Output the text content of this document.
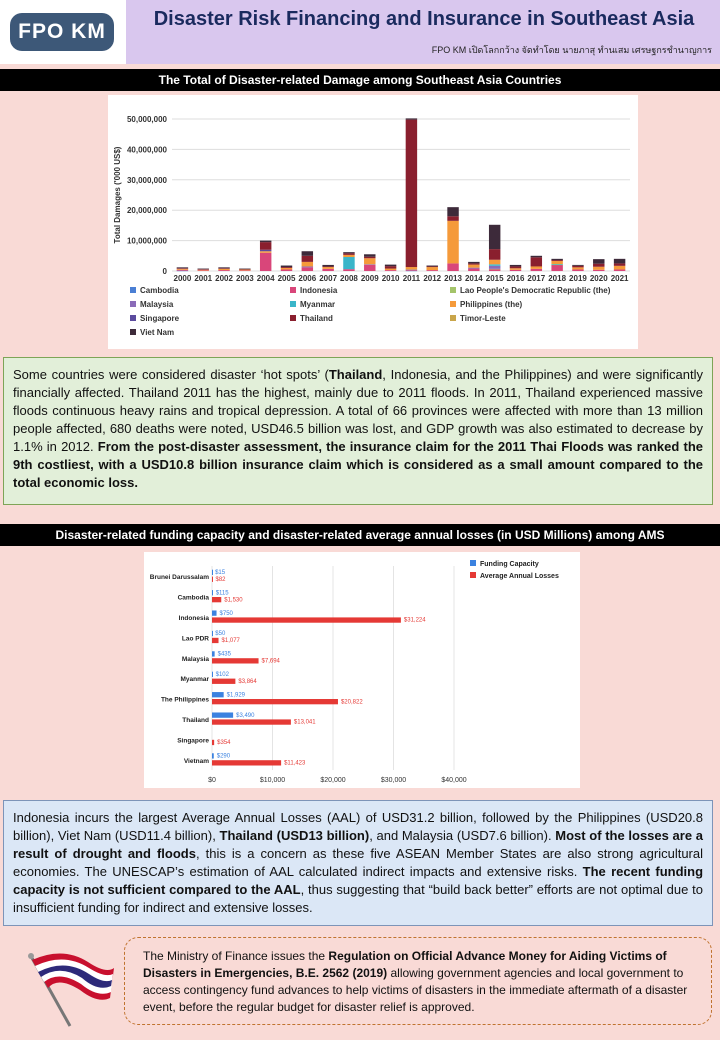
FPO KM
Disaster Risk Financing and Insurance in Southeast Asia
FPO KM เปิดโลกกว้าง จัดทำโดย นายภาสุ ทำนเสม เศรษฐกรชำนาญการ
The Total of Disaster-related Damage among Southeast Asia Countries
0
10,000,000
20,000,000
30,000,000
40,000,000
50,000,000
Total Damages ('000 US$)
2000 2001 2002 2003 2004 2005 2006 2007 2008 2009 2010 2011 2012 2013 2014 2015 2016 2017 2018 2019 2020 2021
Cambodia	Indonesia	Lao People's Democratic Republic (the)
Malaysia	Myanmar	Philippines (the)
Singapore	Thailand	Timor-Leste
Viet Nam
Some countries were considered disaster ‘hot spots’ (Thailand, Indonesia, and the Philippines) and were significantly financially affected. Thailand 2011 has the highest, mainly due to 2011 floods. In 2011, Thailand experienced massive floods continuous heavy rains and tropical depression. A total of 66 provinces were affected with more than 13 million people affected, 680 deaths were noted, USD46.5 billion was lost, and GDP growth was also estimated to decrease by 1.1% in 2012. From the post-disaster assessment, the insurance claim for the 2011 Thai Floods was ranked the 9th costliest, with a USD10.8 billion insurance claim which is considered as a small amount compared to the total economic loss.
Disaster-related funding capacity and disaster-related average annual losses (in USD Millions) among AMS
$0	$10,000	$20,000	$30,000	$40,000
Brunei Darussalam
$15
$82
Cambodia
$115
$1,530
Indonesia
$750
$31,224
Lao PDR
$50
$1,077
Malaysia
$435
$7,694
Myanmar
$102
$3,864
The Philippines
$1,929
$20,822
Thailand
$3,490
$13,041
Singapore $354
Vietnam
$290
$11,423
Funding Capacity
Average Annual Losses
Indonesia incurs the largest Average Annual Losses (AAL) of USD31.2 billion, followed by the Philippines (USD20.8 billion), Viet Nam (USD11.4 billion), Thailand (USD13 billion), and Malaysia (USD7.6 billion). Most of the losses are a result of drought and floods, this is a concern as these five ASEAN Member States are also strong agricultural economies. The UNESCAP’s estimation of AAL calculated indirect impacts and extensive risks. The recent funding capacity is not sufficient compared to the AAL, thus suggesting that “build back better” efforts are not optimal due to insufficient funding for indirect and extensive losses.
The Ministry of Finance issues the Regulation on Official Advance Money for Aiding Victims of Disasters in Emergencies, B.E. 2562 (2019) allowing government agencies and local government to access contingency fund advances to help victims of disasters in the immediate aftermath of a disaster event, before the regular budget for disaster relief is approved.
